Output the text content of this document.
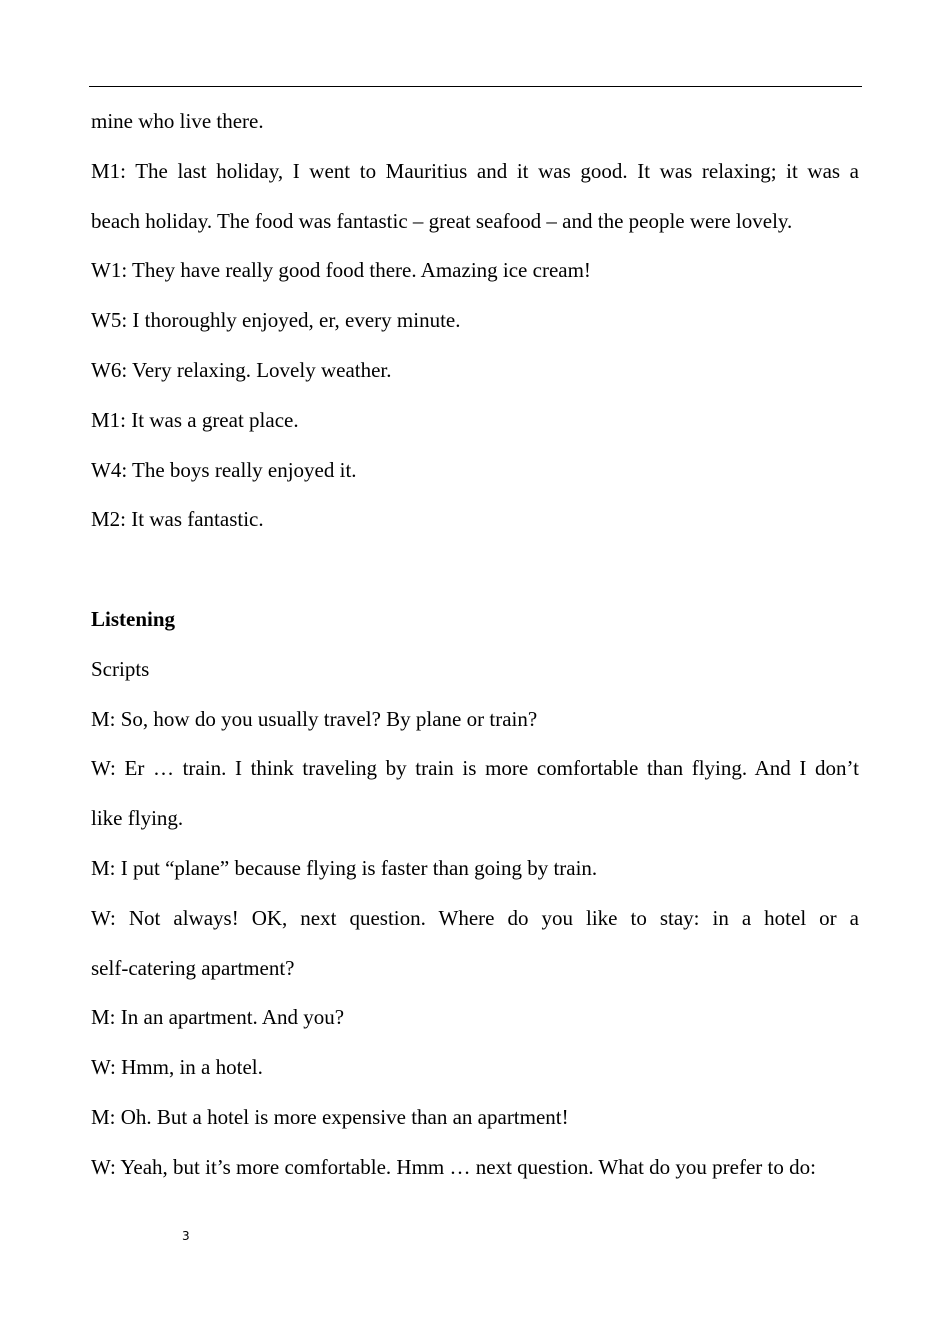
mine who live there.
M1: The last holiday, I went to Mauritius and it was good. It was relaxing; it was a
beach holiday. The food was fantastic – great seafood – and the people were lovely.
W1: They have really good food there. Amazing ice cream!
W5: I thoroughly enjoyed, er, every minute.
W6: Very relaxing. Lovely weather.
M1: It was a great place.
W4: The boys really enjoyed it.
M2: It was fantastic.
Listening
Scripts
M: So, how do you usually travel? By plane or train?
W: Er … train. I think traveling by train is more comfortable than flying. And I don’t
like flying.
M: I put “plane” because flying is faster than going by train.
W: Not always! OK, next question. Where do you like to stay: in a hotel or a
self-catering apartment?
M: In an apartment. And you?
W: Hmm, in a hotel.
M: Oh. But a hotel is more expensive than an apartment!
W: Yeah, but it’s more comfortable. Hmm … next question. What do you prefer to do:
3
